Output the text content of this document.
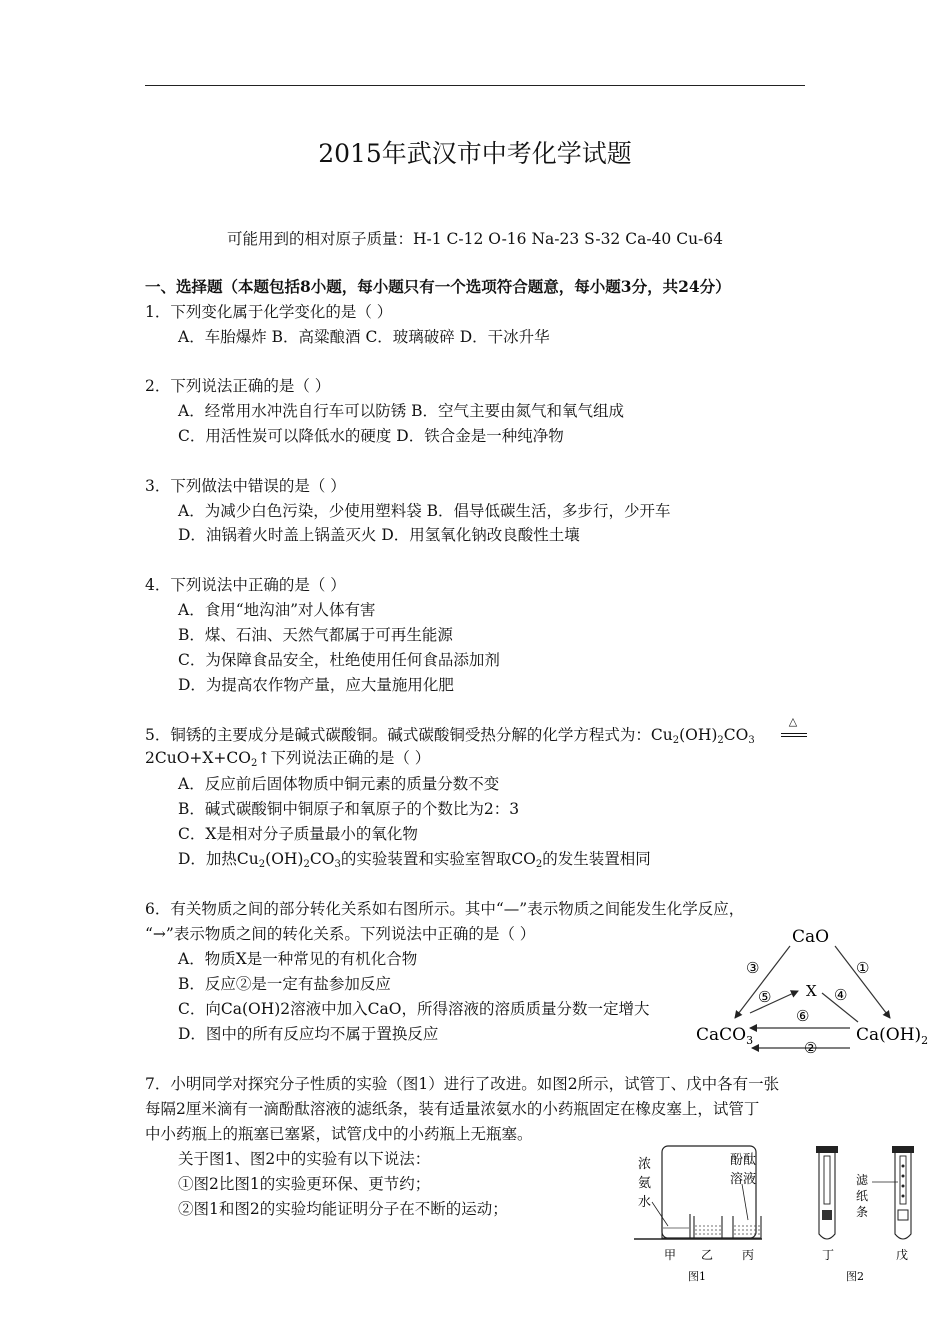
2015年武汉市中考化学试题
可能用到的相对原子质量：H-1 C-12 O-16 Na-23 S-32 Ca-40 Cu-64
一、选择题（本题包括8小题，每小题只有一个选项符合题意，每小题3分，共24分）
1．下列变化属于化学变化的是（ ）
A．车胎爆炸 B．高粱酿酒 C．玻璃破碎 D．干冰升华
2．下列说法正确的是（ ）
A．经常用水冲洗自行车可以防锈 B．空气主要由氮气和氧气组成
C．用活性炭可以降低水的硬度 D．铁合金是一种纯净物
3．下列做法中错误的是（ ）
A．为减少白色污染，少使用塑料袋 B．倡导低碳生活，多步行，少开车
D．油锅着火时盖上锅盖灭火 D．用氢氧化钠改良酸性土壤
4．下列说法中正确的是（ ）
A．食用“地沟油”对人体有害
B．煤、石油、天然气都属于可再生能源
C．为保障食品安全，杜绝使用任何食品添加剂
D．为提高农作物产量，应大量施用化肥
5．铜锈的主要成分是碱式碳酸铜。碱式碳酸铜受热分解的化学方程式为：$Cu_2(OH)_2CO_3$
△
$2CuO+X+CO_2↑$下列说法正确的是（ ）
A．反应前后固体物质中铜元素的质量分数不变
B．碱式碳酸铜中铜原子和氧原子的个数比为2：3
C．X是相对分子质量最小的氧化物
D．加热$Cu_2(OH)_2CO_3$的实验装置和实验室智取$CO_2$的发生装置相同
6．有关物质之间的部分转化关系如右图所示。其中“—”表示物质之间能发生化学反应，
“→”表示物质之间的转化关系。下列说法中正确的是（ ）
A．物质X是一种常见的有机化合物
B．反应②是一定有盐参加反应
C．向Ca(OH)2溶液中加入CaO，所得溶液的溶质质量分数一定增大
D．图中的所有反应均不属于置换反应
CaO
CaCO$_3$	$Ca(OH)_2$
X
③	①
⑤	④
⑥
②
7．小明同学对探究分子性质的实验（图1）进行了改进。如图2所示，试管丁、戊中各有一张
每隔2厘米滴有一滴酚酞溶液的滤纸条，装有适量浓氨水的小药瓶固定在橡皮塞上，试管丁
中小药瓶上的瓶塞已塞紧，试管戊中的小药瓶上无瓶塞。
关于图1、图2中的实验有以下说法：
①图2比图1的实验更环保、更节约；
②图1和图2的实验均能证明分子在不断的运动；
浓
氨
水
酚酞
溶液
甲 乙 丙
图1
滤
纸
条
丁	戊
图2
